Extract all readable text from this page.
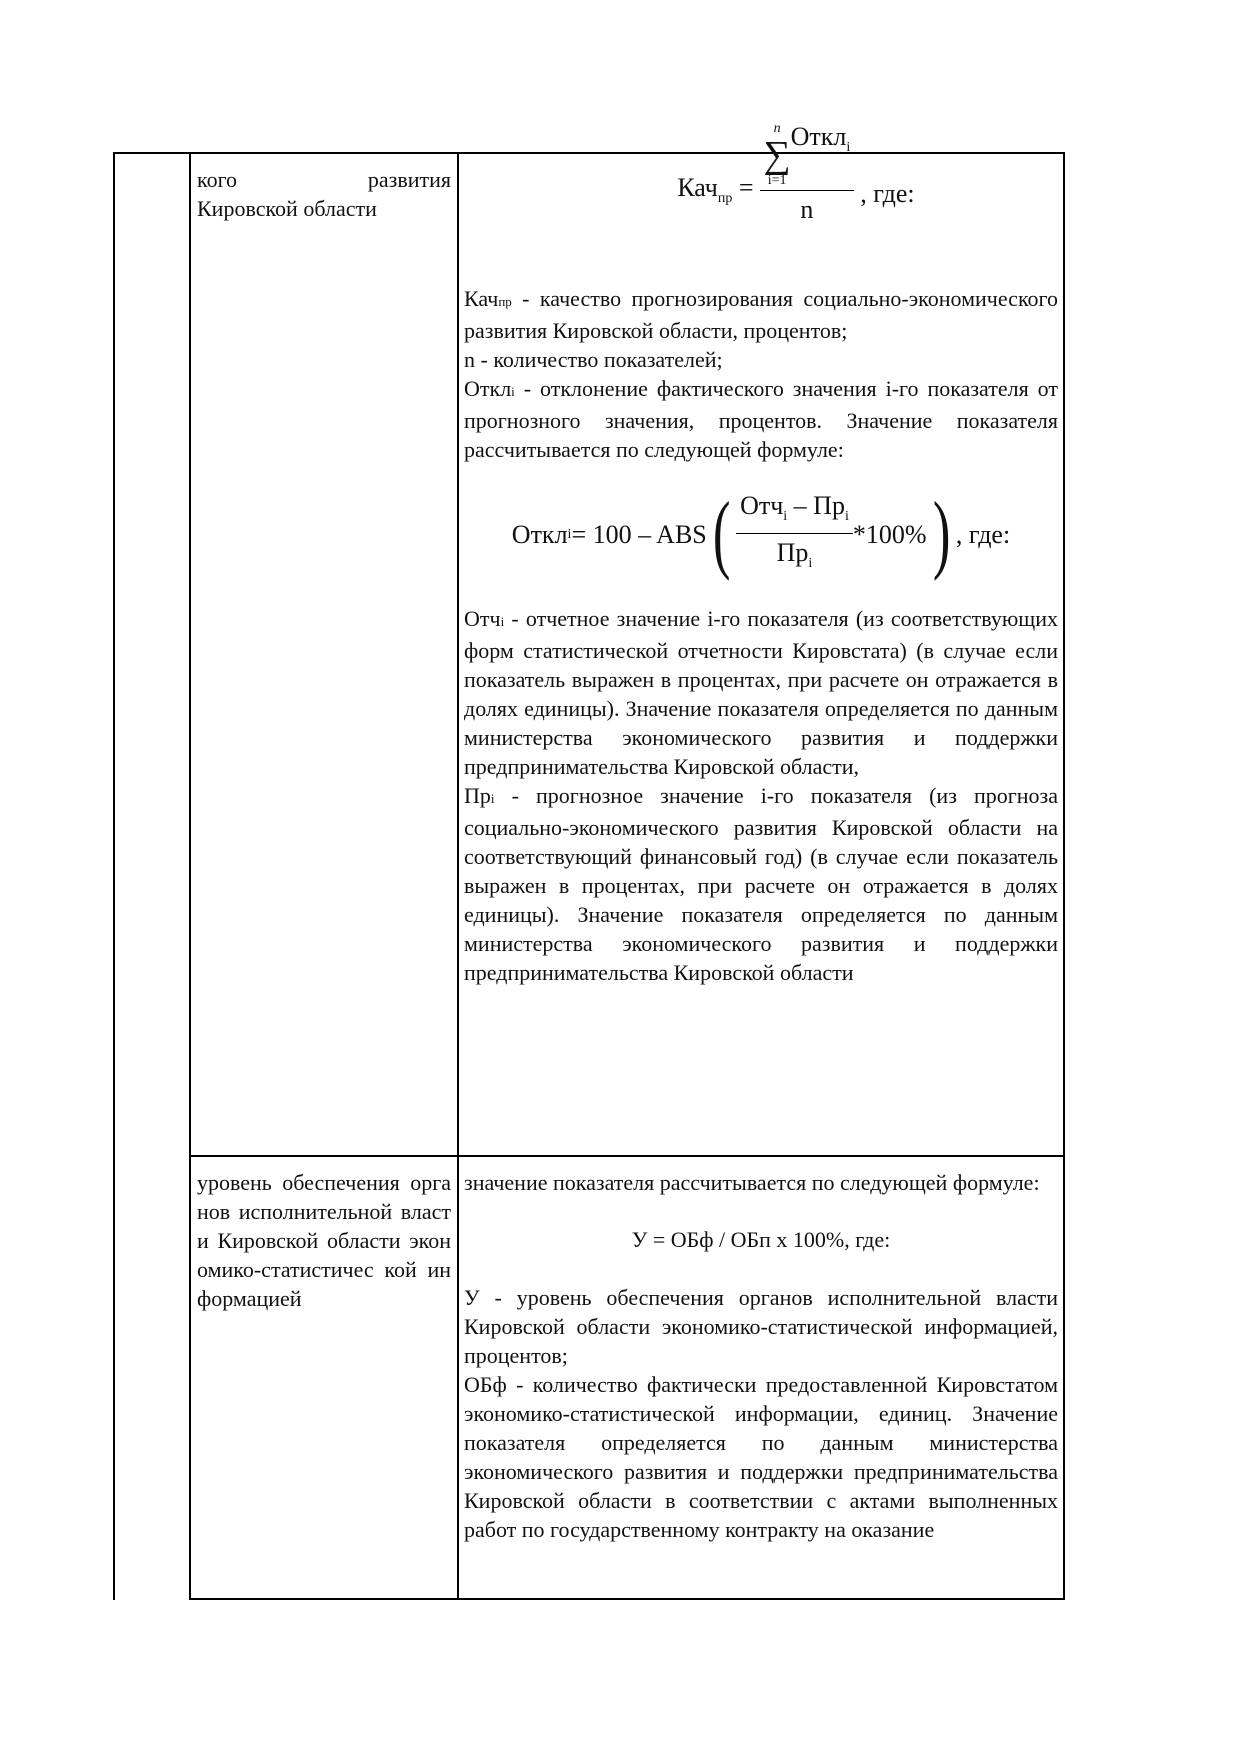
кого развития

Кировской области

Кач$_{пр}$ = n
∑
i=1
Откл$_i$
n , где:

Качпр - качество прогнозирования социально-экономического развития Кировской области, процентов;

n - количество показателей;

Отклi - отклонение фактического значения i-го показателя от прогнозного значения, процентов. Значение показателя рассчитывается по следующей формуле:

Откл i = 100 – ABS ( $\frac{Отч_i - Пр_i}{Пр_i} *100\%$ ) , где:

Отчi - отчетное значение i-го показателя (из соответствующих форм статистической отчетности Кировстата) (в случае если показатель выражен в процентах, при расчете он отражается в долях единицы). Значение показателя определяется по данным министерства экономического развития и поддержки предпринимательства Кировской области,

Прi - прогнозное значение i-го показателя (из прогноза социально-экономического развития Кировской области на соответствующий финансовый год) (в случае если показатель выражен в процентах, при расчете он отражается в долях единицы). Значение показателя определяется по данным министерства экономического развития и поддержки предпринимательства Кировской области

уровень обеспечения органов исполнительной власти Кировской области экономико-статистичес кой информацией

значение показателя рассчитывается по следующей формуле:

У = ОБф / ОБп х 100%, где:

У - уровень обеспечения органов исполнительной власти Кировской области экономико-статистической информацией, процентов;

ОБф - количество фактически предоставленной Кировстатом экономико-статистической информации, единиц. Значение показателя определяется по данным министерства экономического развития и поддержки предпринимательства Кировской области в соответствии с актами выполненных работ по государственному контракту на оказание
